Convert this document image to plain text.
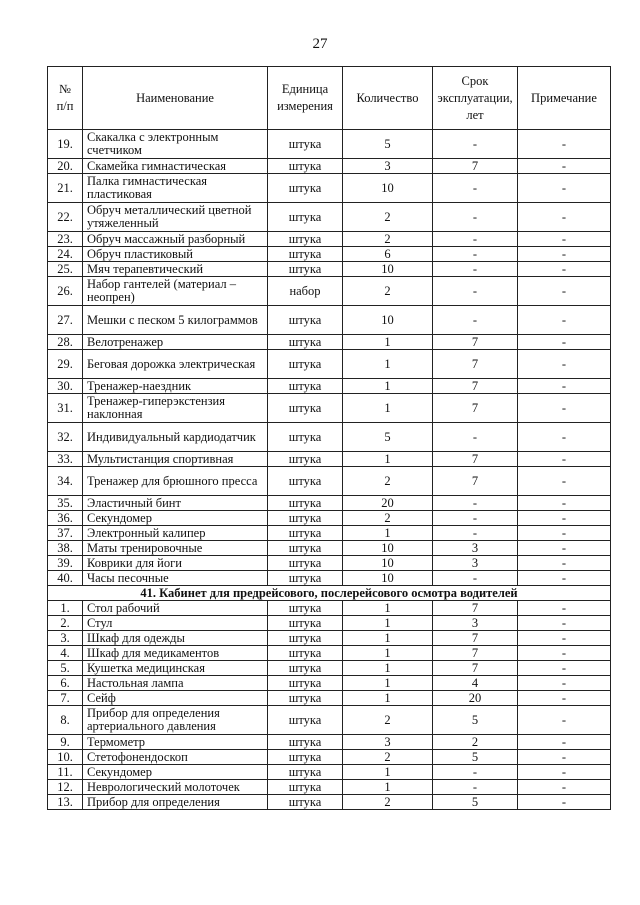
27
№
п/п	Наименование	Единица измерения	Количество	Срок эксплуатации, лет	Примечание
19.	Скакалка с электронным счетчиком	штука	5	-	-
20.	Скамейка гимнастическая	штука	3	7	-
21.	Палка гимнастическая пластиковая	штука	10	-	-
22.	Обруч металлический цветной утяжеленный	штука	2	-	-
23.	Обруч массажный разборный	штука	2	-	-
24.	Обруч пластиковый	штука	6	-	-
25.	Мяч терапевтический	штука	10	-	-
26.	Набор гантелей (материал – неопрен)	набор	2	-	-
27.	Мешки с песком 5 килограммов	штука	10	-	-
28.	Велотренажер	штука	1	7	-
29.	Беговая дорожка электрическая	штука	1	7	-
30.	Тренажер-наездник	штука	1	7	-
31.	Тренажер-гиперэкстензия наклонная	штука	1	7	-
32.	Индивидуальный кардиодатчик	штука	5	-	-
33.	Мультистанция спортивная	штука	1	7	-
34.	Тренажер для брюшного пресса	штука	2	7	-
35.	Эластичный бинт	штука	20	-	-
36.	Секундомер	штука	2	-	-
37.	Электронный калипер	штука	1	-	-
38.	Маты тренировочные	штука	10	3	-
39.	Коврики для йоги	штука	10	3	-
40.	Часы песочные	штука	10	-	-
41. Кабинет для предрейсового, послерейсового осмотра водителей					
1.	Стол рабочий	штука	1	7	-
2.	Стул	штука	1	3	-
3.	Шкаф для одежды	штука	1	7	-
4.	Шкаф для медикаментов	штука	1	7	-
5.	Кушетка медицинская	штука	1	7	-
6.	Настольная лампа	штука	1	4	-
7.	Сейф	штука	1	20	-
8.	Прибор для определения артериального давления	штука	2	5	-
9.	Термометр	штука	3	2	-
10.	Стетофонендоскоп	штука	2	5	-
11.	Секундомер	штука	1	-	-
12.	Неврологический молоточек	штука	1	-	-
13.	Прибор для определения	штука	2	5	-
